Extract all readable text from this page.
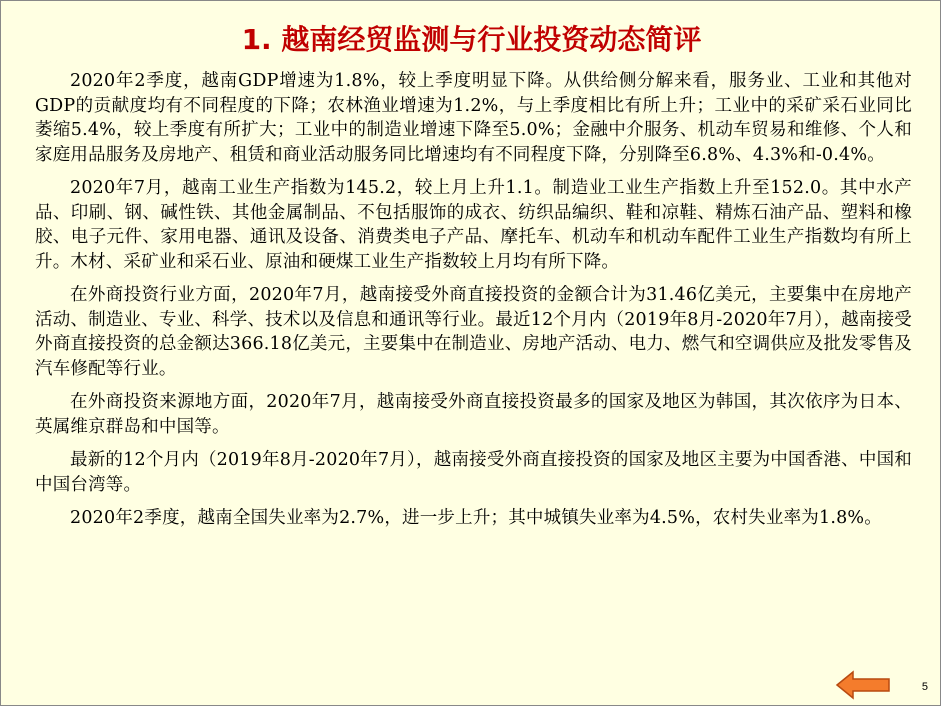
1. 越南经贸监测与行业投资动态简评

2020年2季度，越南GDP增速为1.8%，较上季度明显下降。从供给侧分解来看，服务业、工业和其他对GDP的贡献度均有不同程度的下降；农林渔业增速为1.2%，与上季度相比有所上升；工业中的采矿采石业同比萎缩5.4%，较上季度有所扩大；工业中的制造业增速下降至5.0%；金融中介服务、机动车贸易和维修、个人和家庭用品服务及房地产、租赁和商业活动服务同比增速均有不同程度下降，分别降至6.8%、4.3%和-0.4%。

2020年7月，越南工业生产指数为145.2，较上月上升1.1。制造业工业生产指数上升至152.0。其中水产品、印刷、钢、碱性铁、其他金属制品、不包括服饰的成衣、纺织品编织、鞋和凉鞋、精炼石油产品、塑料和橡胶、电子元件、家用电器、通讯及设备、消费类电子产品、摩托车、机动车和机动车配件工业生产指数均有所上升。木材、采矿业和采石业、原油和硬煤工业生产指数较上月均有所下降。

在外商投资行业方面，2020年7月，越南接受外商直接投资的金额合计为31.46亿美元，主要集中在房地产活动、制造业、专业、科学、技术以及信息和通讯等行业。最近12个月内（2019年8月-2020年7月），越南接受外商直接投资的总金额达366.18亿美元，主要集中在制造业、房地产活动、电力、燃气和空调供应及批发零售及汽车修配等行业。

在外商投资来源地方面，2020年7月，越南接受外商直接投资最多的国家及地区为韩国，其次依序为日本、英属维京群岛和中国等。

最新的12个月内（2019年8月-2020年7月），越南接受外商直接投资的国家及地区主要为中国香港、中国和中国台湾等。

2020年2季度，越南全国失业率为2.7%，进一步上升；其中城镇失业率为4.5%，农村失业率为1.8%。

5
